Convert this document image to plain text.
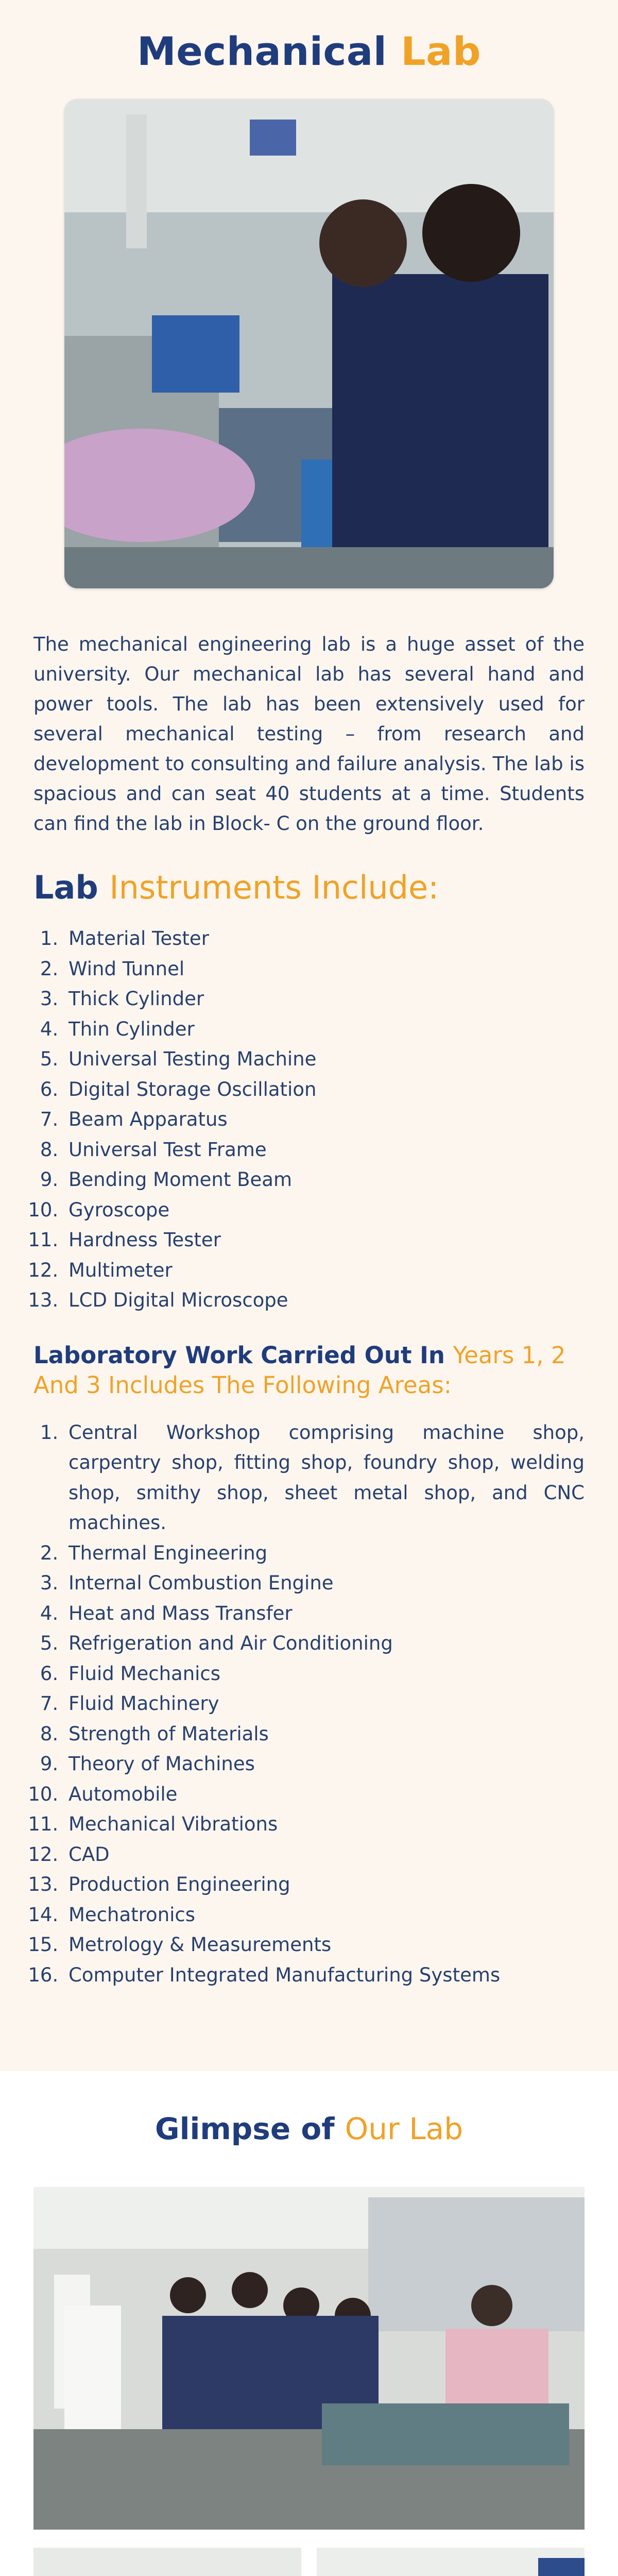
Mechanical Lab

The mechanical engineering lab is a huge asset of the university. Our mechanical lab has several hand and power tools. The lab has been extensively used for several mechanical testing – from research and development to consulting and failure analysis. The lab is spacious and can seat 40 students at a time. Students can find the lab in Block- C on the ground floor.

Lab Instruments Include:
1. Material Tester
2. Wind Tunnel
3. Thick Cylinder
4. Thin Cylinder
5. Universal Testing Machine
6. Digital Storage Oscillation
7. Beam Apparatus
8. Universal Test Frame
9. Bending Moment Beam
10. Gyroscope
11. Hardness Tester
12. Multimeter
13. LCD Digital Microscope
Laboratory Work Carried Out In Years 1, 2 And 3 Includes The Following Areas:
1. Central Workshop comprising machine shop, carpentry shop, fitting shop, foundry shop, welding shop, smithy shop, sheet metal shop, and CNC machines.
2. Thermal Engineering
3. Internal Combustion Engine
4. Heat and Mass Transfer
5. Refrigeration and Air Conditioning
6. Fluid Mechanics
7. Fluid Machinery
8. Strength of Materials
9. Theory of Machines
10. Automobile
11. Mechanical Vibrations
12. CAD
13. Production Engineering
14. Mechatronics
15. Metrology & Measurements
16. Computer Integrated Manufacturing Systems
Glimpse of Our Lab
